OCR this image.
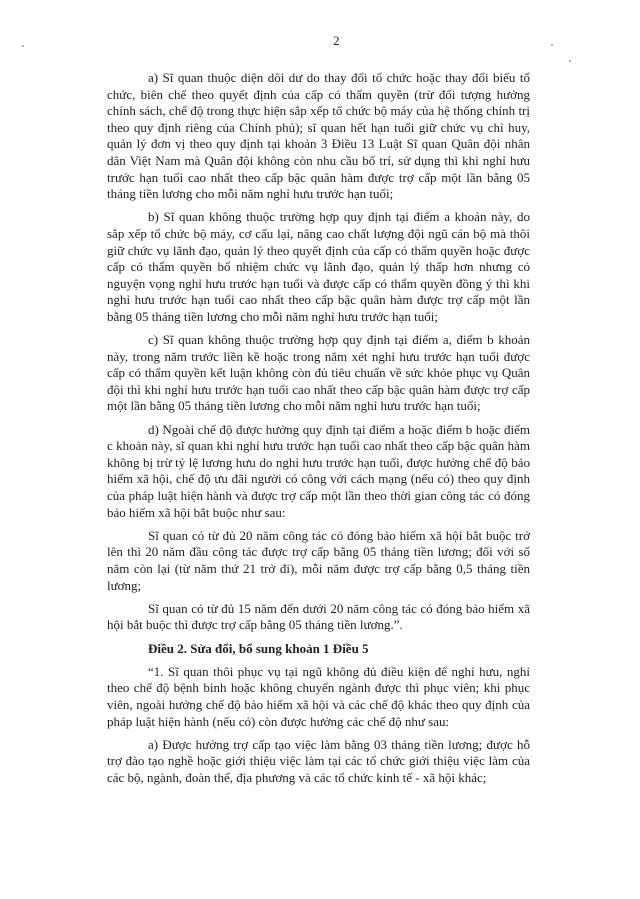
2

a) Sĩ quan thuộc diện dôi dư do thay đổi tổ chức hoặc thay đổi biểu tổ chức, biên chế theo quyết định của cấp có thẩm quyền (trừ đối tượng hưởng chính sách, chế độ trong thực hiện sắp xếp tổ chức bộ máy của hệ thống chính trị theo quy định riêng của Chính phủ); sĩ quan hết hạn tuổi giữ chức vụ chỉ huy, quản lý đơn vị theo quy định tại khoản 3 Điều 13 Luật Sĩ quan Quân đội nhân dân Việt Nam mà Quân đội không còn nhu cầu bố trí, sử dụng thì khi nghỉ hưu trước hạn tuổi cao nhất theo cấp bậc quân hàm được trợ cấp một lần bằng 05 tháng tiền lương cho mỗi năm nghỉ hưu trước hạn tuổi;

b) Sĩ quan không thuộc trường hợp quy định tại điểm a khoản này, do sắp xếp tổ chức bộ máy, cơ cấu lại, nâng cao chất lượng đội ngũ cán bộ mà thôi giữ chức vụ lãnh đạo, quản lý theo quyết định của cấp có thẩm quyền hoặc được cấp có thẩm quyền bổ nhiệm chức vụ lãnh đạo, quản lý thấp hơn nhưng có nguyện vọng nghỉ hưu trước hạn tuổi và được cấp có thẩm quyền đồng ý thì khi nghỉ hưu trước hạn tuổi cao nhất theo cấp bậc quân hàm được trợ cấp một lần bằng 05 tháng tiền lương cho mỗi năm nghỉ hưu trước hạn tuổi;

c) Sĩ quan không thuộc trường hợp quy định tại điểm a, điểm b khoản này, trong năm trước liền kề hoặc trong năm xét nghỉ hưu trước hạn tuổi được cấp có thẩm quyền kết luận không còn đủ tiêu chuẩn về sức khỏe phục vụ Quân đội thì khi nghỉ hưu trước hạn tuổi cao nhất theo cấp bậc quân hàm được trợ cấp một lần bằng 05 tháng tiền lương cho mỗi năm nghỉ hưu trước hạn tuổi;

d) Ngoài chế độ được hưởng quy định tại điểm a hoặc điểm b hoặc điểm c khoản này, sĩ quan khi nghỉ hưu trước hạn tuổi cao nhất theo cấp bậc quân hàm không bị trừ tỷ lệ lương hưu do nghỉ hưu trước hạn tuổi, được hưởng chế độ bảo hiểm xã hội, chế độ ưu đãi người có công với cách mạng (nếu có) theo quy định của pháp luật hiện hành và được trợ cấp một lần theo thời gian công tác có đóng bảo hiểm xã hội bắt buộc như sau:

Sĩ quan có từ đủ 20 năm công tác có đóng bảo hiểm xã hội bắt buộc trở lên thì 20 năm đầu công tác được trợ cấp bằng 05 tháng tiền lương; đối với số năm còn lại (từ năm thứ 21 trở đi), mỗi năm được trợ cấp bằng 0,5 tháng tiền lương;

Sĩ quan có từ đủ 15 năm đến dưới 20 năm công tác có đóng bảo hiểm xã hội bắt buộc thì được trợ cấp bằng 05 tháng tiền lương.”.

Điều 2. Sửa đổi, bổ sung khoản 1 Điều 5

“1. Sĩ quan thôi phục vụ tại ngũ không đủ điều kiện để nghỉ hưu, nghỉ theo chế độ bệnh binh hoặc không chuyển ngành được thì phục viên; khi phục viên, ngoài hưởng chế độ bảo hiểm xã hội và các chế độ khác theo quy định của pháp luật hiện hành (nếu có) còn được hưởng các chế độ như sau:

a) Được hưởng trợ cấp tạo việc làm bằng 03 tháng tiền lương; được hỗ trợ đào tạo nghề hoặc giới thiệu việc làm tại các tổ chức giới thiệu việc làm của các bộ, ngành, đoàn thể, địa phương và các tổ chức kinh tế - xã hội khác;
